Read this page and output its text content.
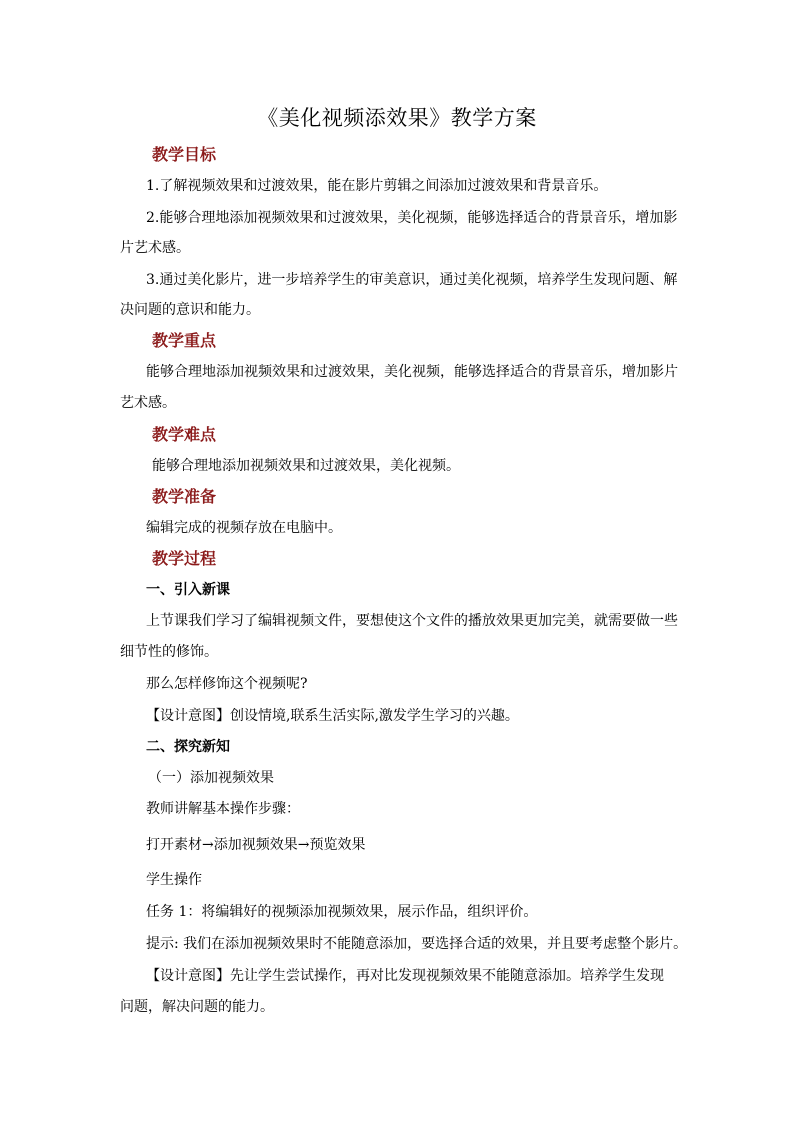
《美化视频添效果》教学方案
教学目标
1.了解视频效果和过渡效果，能在影片剪辑之间添加过渡效果和背景音乐。
2.能够合理地添加视频效果和过渡效果，美化视频，能够选择适合的背景音乐，增加影
片艺术感。
3.通过美化影片，进一步培养学生的审美意识，通过美化视频，培养学生发现问题、解
决问题的意识和能力。
教学重点
能够合理地添加视频效果和过渡效果，美化视频，能够选择适合的背景音乐，增加影片
艺术感。
教学难点
能够合理地添加视频效果和过渡效果，美化视频。
教学准备
编辑完成的视频存放在电脑中。
教学过程
一、引入新课
上节课我们学习了编辑视频文件，要想使这个文件的播放效果更加完美，就需要做一些
细节性的修饰。
那么怎样修饰这个视频呢?
【设计意图】创设情境,联系生活实际,激发学生学习的兴趣。
二、探究新知
（一）添加视频效果
教师讲解基本操作步骤：
打开素材→添加视频效果→预览效果
学生操作
任务 1：将编辑好的视频添加视频效果，展示作品，组织评价。
提示: 我们在添加视频效果时不能随意添加，要选择合适的效果，并且要考虑整个影片。
【设计意图】先让学生尝试操作，再对比发现视频效果不能随意添加。培养学生发现
问题，解决问题的能力。
